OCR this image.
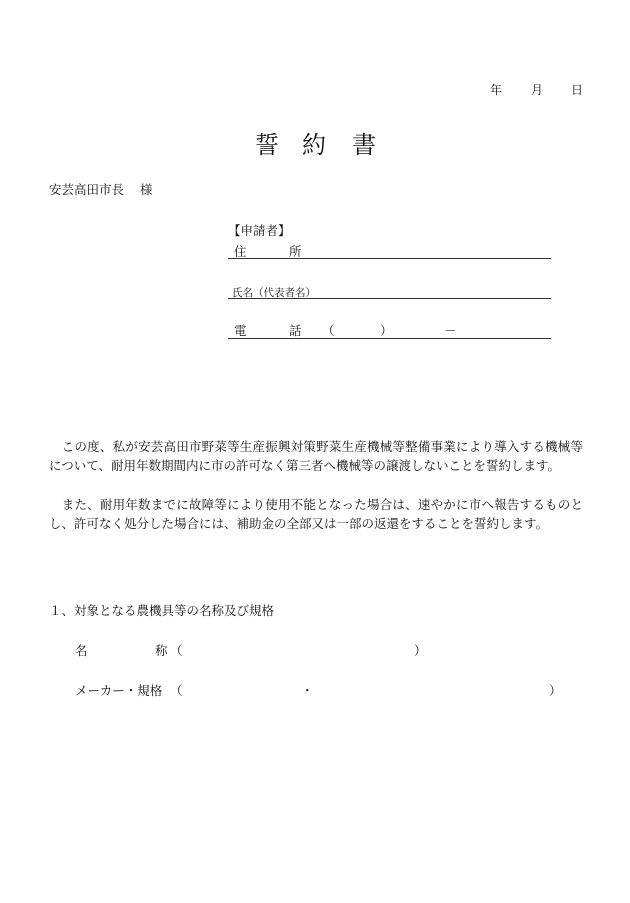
年 月 日
誓 約 書
安芸高田市長 様
【申請者】
住	所
氏名（代表者名）
電	話 （	）	－
　この度、私が安芸高田市野菜等生産振興対策野菜生産機械等整備事業により導入する機械等について、耐用年数期間内に市の許可なく第三者へ機械等の譲渡しないことを誓約します。
　また、耐用年数までに故障等により使用不能となった場合は、速やかに市へ報告するものとし、許可なく処分した場合には、補助金の全部又は一部の返還をすることを誓約します。
１、対象となる農機具等の名称及び規格
名	称 （	）
メーカー・規格 （	・	）
